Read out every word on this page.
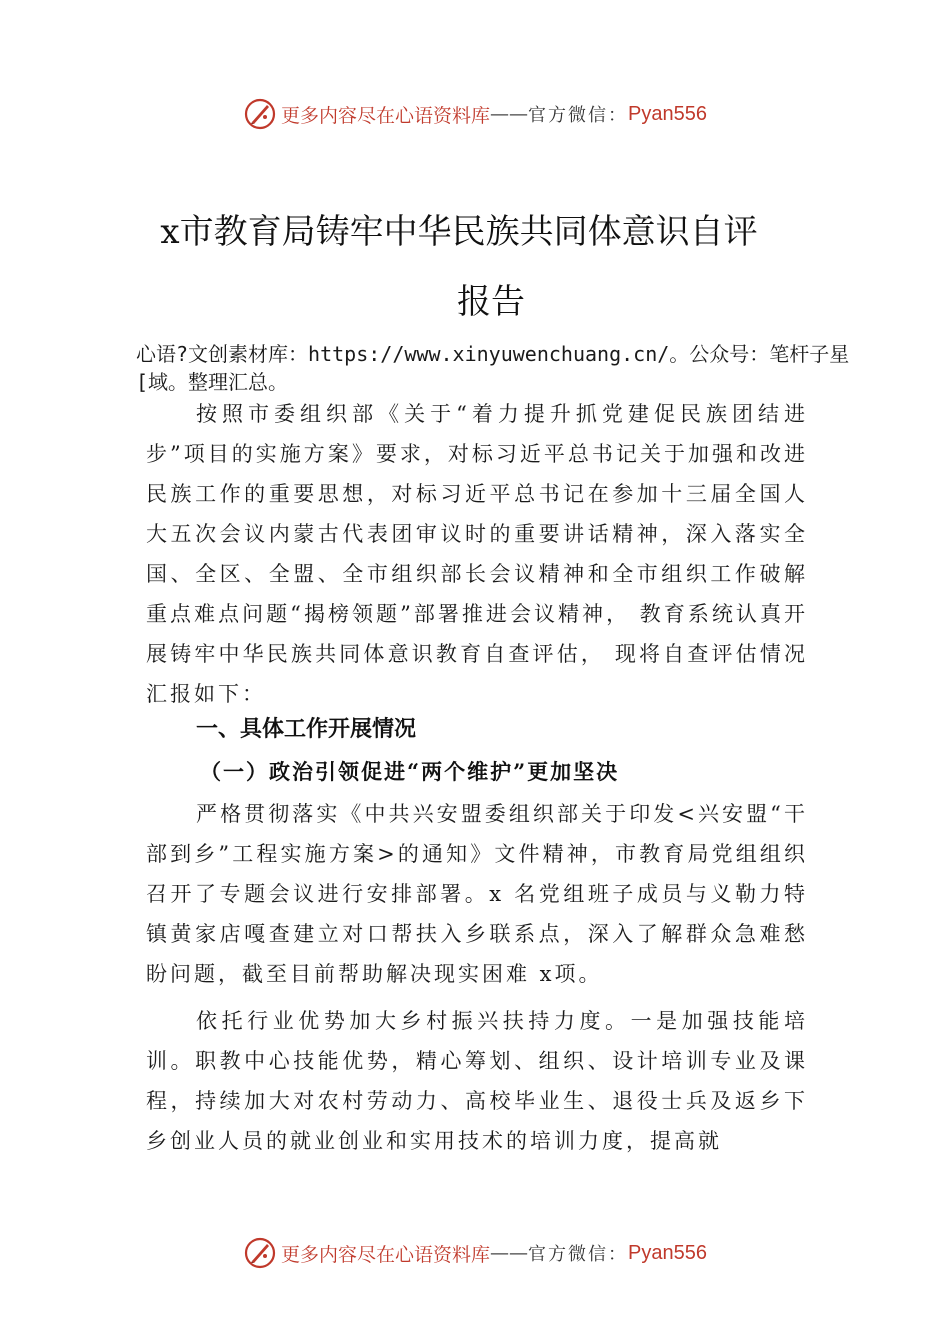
更多内容尽在心语资料库 —— 官方微信： Pyan556
x市教育局铸牢中华民族共同体意识自评
报告

心语?文创素材库：https://www.xinyuwenchuang.cn/。公众号：笔杆子星[域。整理汇总。

按照市委组织部《关于“着力提升抓党建促民族团结进步”项目的实施方案》要求，对标习近平总书记关于加强和改进民族工作的重要思想，对标习近平总书记在参加十三届全国人大五次会议内蒙古代表团审议时的重要讲话精神，深入落实全国、全区、全盟、全市组织部长会议精神和全市组织工作破解重点难点问题“揭榜领题”部署推进会议精神， 教育系统认真开展铸牢中华民族共同体意识教育自查评估， 现将自查评估情况汇报如下：

一、具体工作开展情况
（一）政治引领促进“两个维护”更加坚决

严格贯彻落实《中共兴安盟委组织部关于印发<兴安盟“干部到乡”工程实施方案>的通知》文件精神，市教育局党组组织召开了专题会议进行安排部署。x 名党组班子成员与义勒力特镇黄家店嘎查建立对口帮扶入乡联系点，深入了解群众急难愁盼问题，截至目前帮助解决现实困难 x项。

依托行业优势加大乡村振兴扶持力度。一是加强技能培训。职教中心技能优势，精心筹划、组织、设计培训专业及课程，持续加大对农村劳动力、高校毕业生、退役士兵及返乡下乡创业人员的就业创业和实用技术的培训力度，提高就

更多内容尽在心语资料库 —— 官方微信： Pyan556
